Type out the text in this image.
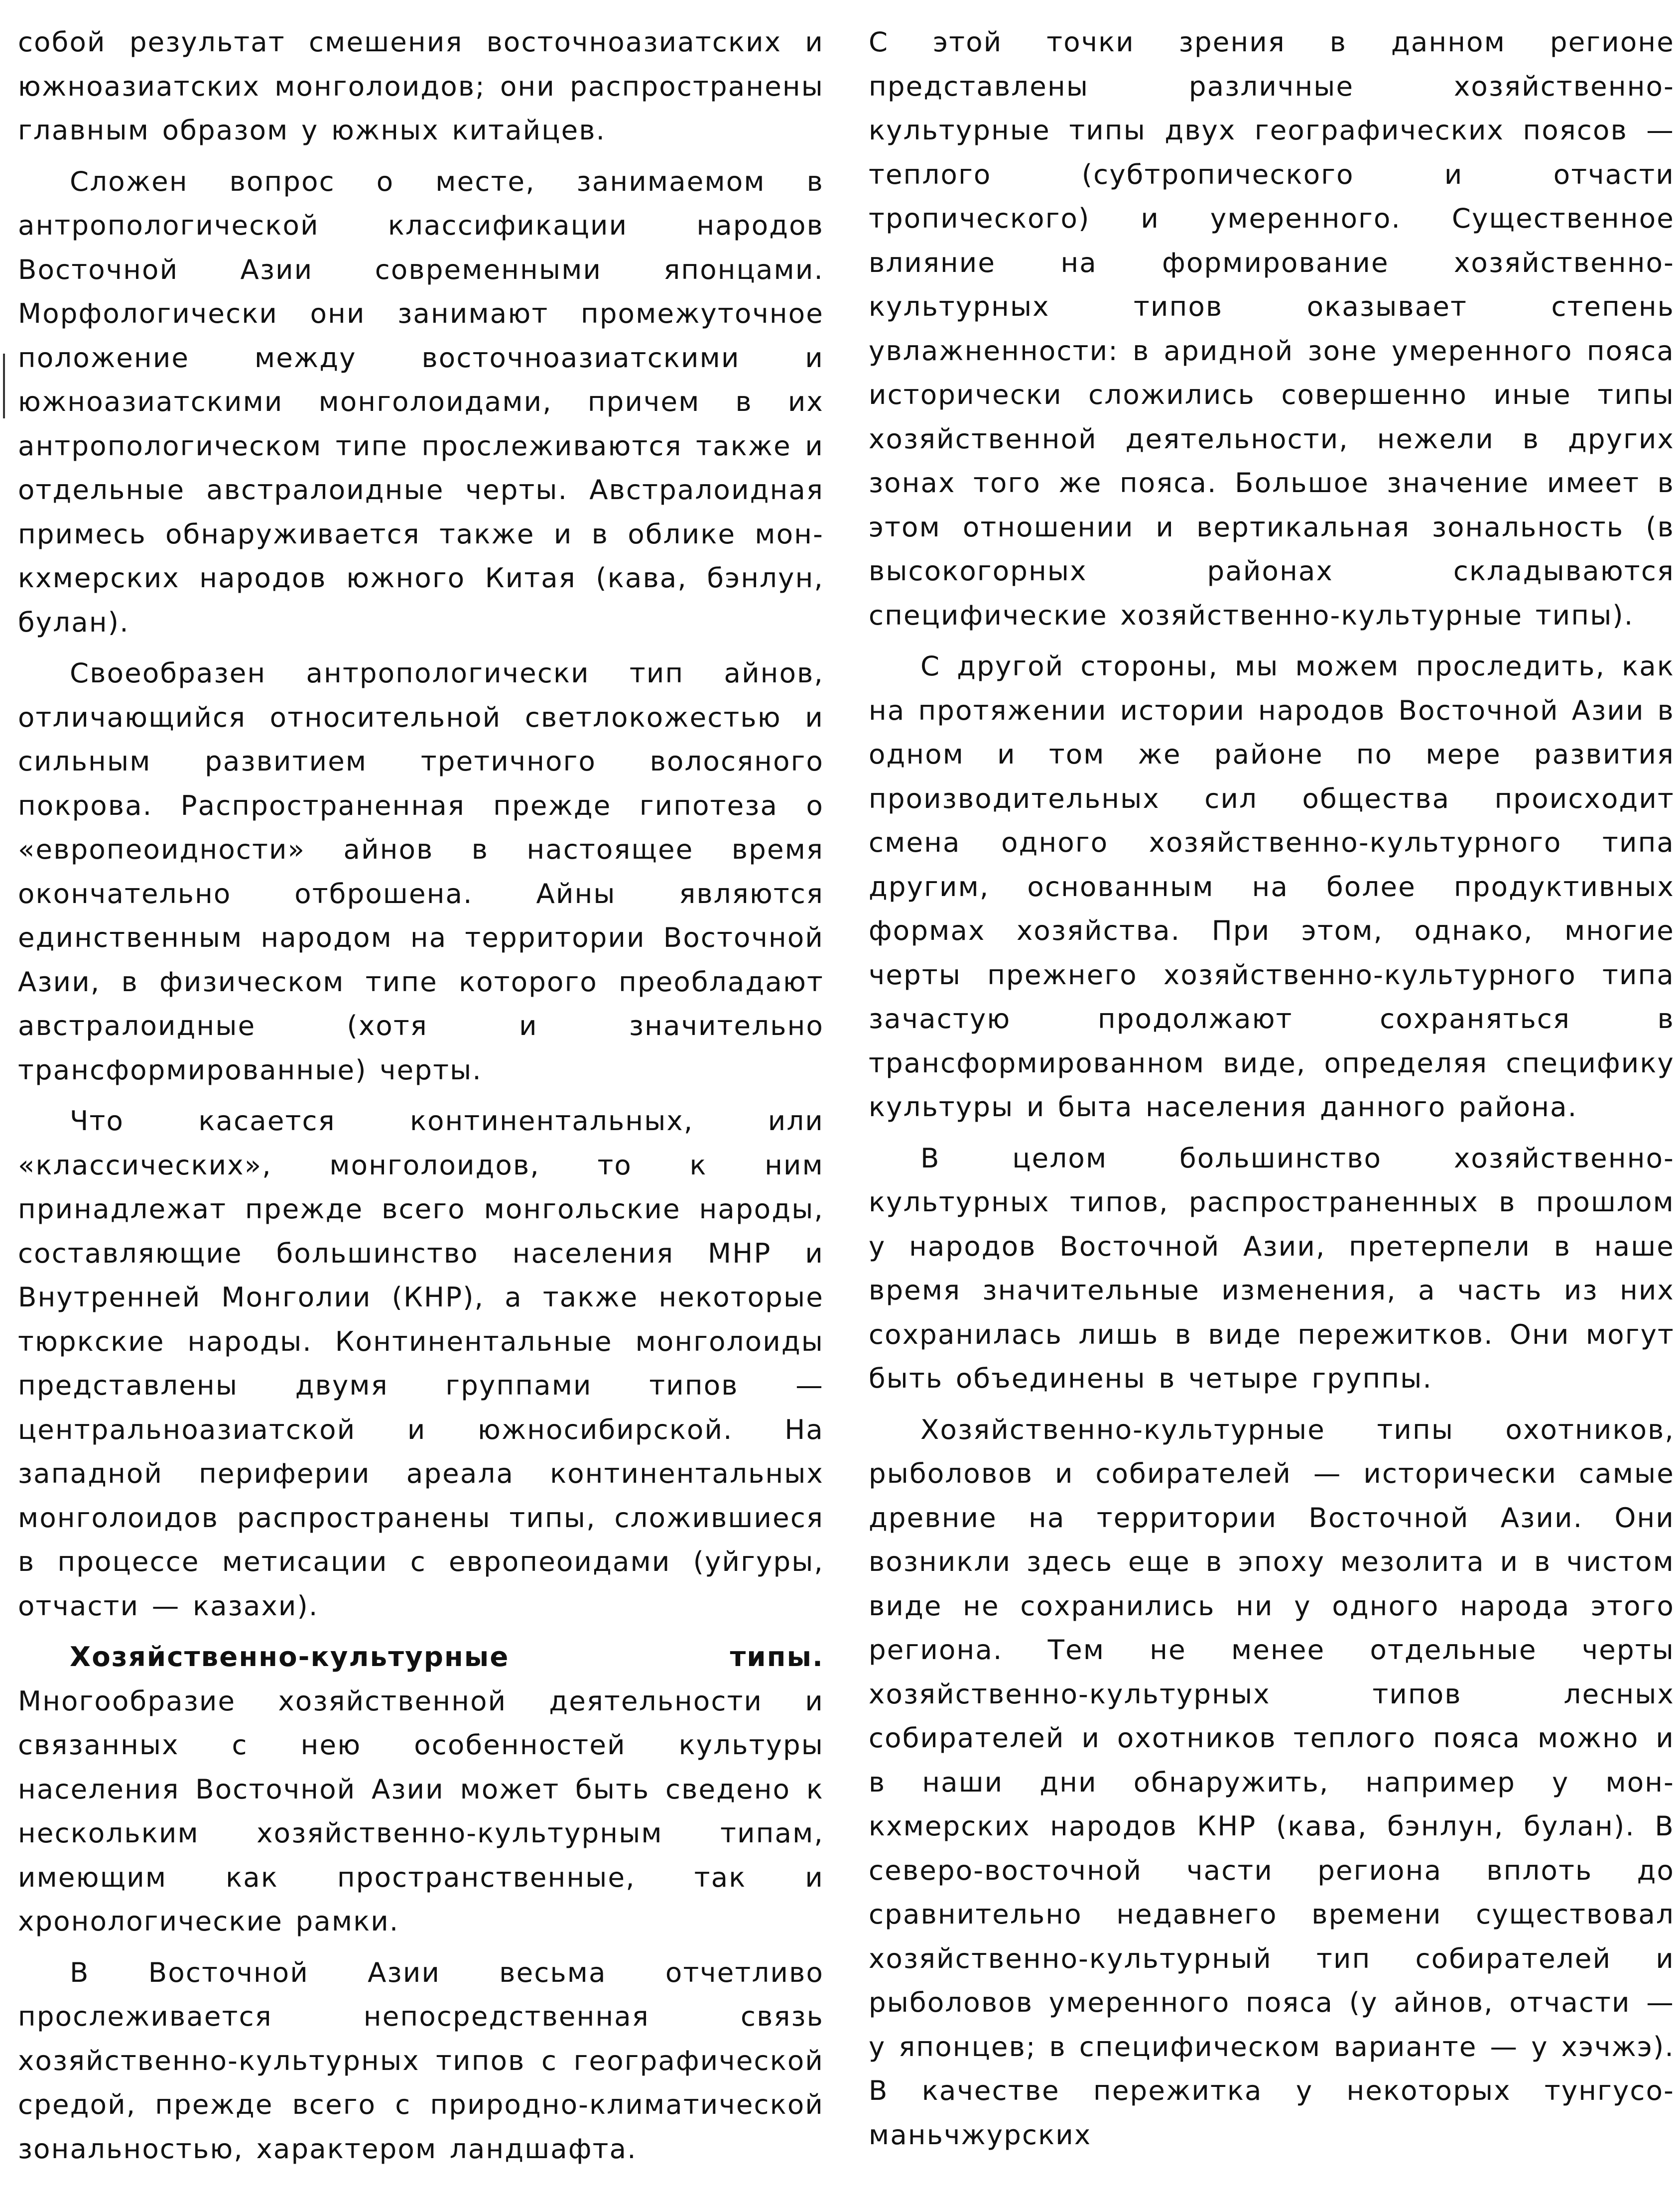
собой результат смешения восточноазиатских и южноазиатских монголоидов; они распространены главным образом у южных китайцев.

Сложен вопрос о месте, занимаемом в антропологической классификации народов Восточной Азии современными японцами. Морфологически они занимают промежуточное положение между восточноазиатскими и южноазиатскими монголоидами, причем в их антропологическом типе прослеживаются также и отдельные австралоидные черты. Австралоидная примесь обнаруживается также и в облике мон-кхмерских народов южного Китая (кава, бэнлун, булан).

Своеобразен антропологически тип айнов, отличающийся относительной светлокожестью и сильным развитием третичного волосяного покрова. Распространенная прежде гипотеза о «европеоидности» айнов в настоящее время окончательно отброшена. Айны являются единственным народом на территории Восточной Азии, в физическом типе которого преобладают австралоидные (хотя и значительно трансформированные) черты.

Что касается континентальных, или «классических», монголоидов, то к ним принадлежат прежде всего монгольские народы, составляющие большинство населения МНР и Внутренней Монголии (КНР), а также некоторые тюркские народы. Континентальные монголоиды представлены двумя группами типов — центральноазиатской и южносибирской. На западной периферии ареала континентальных монголоидов распространены типы, сложившиеся в процессе метисации с европеоидами (уйгуры, отчасти — казахи).

Хозяйственно-культурные типы. Многообразие хозяйственной деятельности и связанных с нею особенностей культуры населения Восточной Азии может быть сведено к нескольким хозяйственно-культурным типам, имеющим как пространственные, так и хронологические рамки.

В Восточной Азии весьма отчетливо прослеживается непосредственная связь хозяйственно-культурных типов с географической средой, прежде всего с природно-климатической зональностью, характером ландшафта.

С этой точки зрения в данном регионе представлены различные хозяйственно-культурные типы двух географических поясов — теплого (субтропического и отчасти тропического) и умеренного. Существенное влияние на формирование хозяйственно-культурных типов оказывает степень увлажненности: в аридной зоне умеренного пояса исторически сложились совершенно иные типы хозяйственной деятельности, нежели в других зонах того же пояса. Большое значение имеет в этом отношении и вертикальная зональность (в высокогорных районах складываются специфические хозяйственно-культурные типы).

С другой стороны, мы можем проследить, как на протяжении истории народов Восточной Азии в одном и том же районе по мере развития производительных сил общества происходит смена одного хозяйственно-культурного типа другим, основанным на более продуктивных формах хозяйства. При этом, однако, многие черты прежнего хозяйственно-культурного типа зачастую продолжают сохраняться в трансформированном виде, определяя специфику культуры и быта населения данного района.

В целом большинство хозяйственно-культурных типов, распространенных в прошлом у народов Восточной Азии, претерпели в наше время значительные изменения, а часть из них сохранилась лишь в виде пережитков. Они могут быть объединены в четыре группы.

Хозяйственно-культурные типы охотников, рыболовов и собирателей — исторически самые древние на территории Восточной Азии. Они возникли здесь еще в эпоху мезолита и в чистом виде не сохранились ни у одного народа этого региона. Тем не менее отдельные черты хозяйственно-культурных типов лесных собирателей и охотников теплого пояса можно и в наши дни обнаружить, например у мон-кхмерских народов КНР (кава, бэнлун, булан). В северо-восточной части региона вплоть до сравнительно недавнего времени существовал хозяйственно-культурный тип собирателей и рыболовов умеренного пояса (у айнов, отчасти — у японцев; в специфическом варианте — у хэчжэ). В качестве пережитка у некоторых тунгусо-маньчжурских
